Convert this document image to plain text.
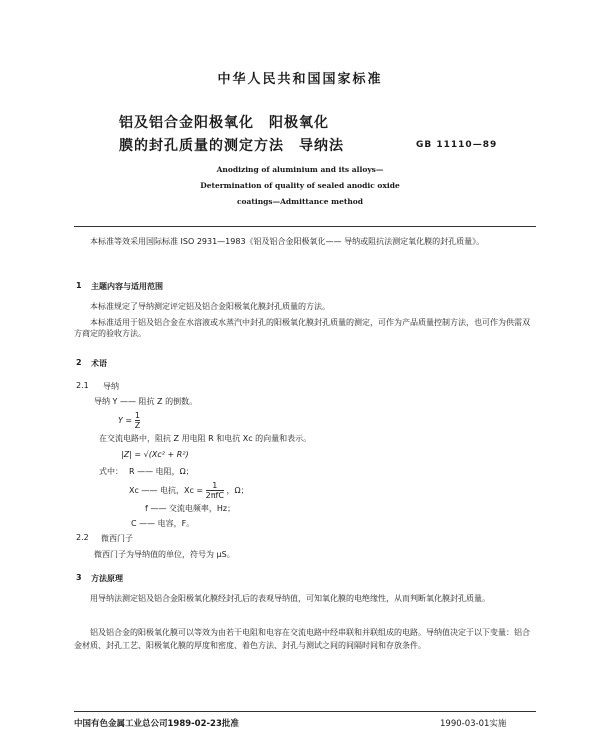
中华人民共和国国家标准
铝及铝合金阳极氧化　阳极氧化
膜的封孔质量的测定方法　导纳法	GB 11110—89
Anodizing of aluminium and its alloys—
Determination of quality of sealed anodic oxide
coatings—Admittance method
本标准等效采用国际标准 ISO 2931—1983《铝及铝合金阳极氧化—— 导纳或阻抗法测定氧化膜的封孔质量》。
1 主题内容与适用范围
本标准规定了导纳测定评定铝及铝合金阳极氧化膜封孔质量的方法。
本标准适用于铝及铝合金在水溶液或水蒸汽中封孔的阳极氧化膜封孔质量的测定，可作为产品质量控制方法，也可作为供需双方商定的验收方法。
2 术语
2.1 导纳
导纳 Y —— 阻抗 Z 的倒数。
$Y = \frac{1}{Z}$
在交流电路中，阻抗 Z 用电阻 R 和电抗 Xc 的向量和表示。
|Z| = √(Xc² + R²)
式中： R —— 电阻，Ω；
Xc —— 电抗，$Xc = \frac{1}{\text{2πfC}}$ ，Ω；
f —— 交流电频率，Hz；
C —— 电容，F。
2.2 微西门子
微西门子为导纳值的单位，符号为 μS。
3 方法原理
用导纳法测定铝及铝合金阳极氧化膜经封孔后的表观导纳值，可知氧化膜的电绝缘性，从而判断氧化膜封孔质量。
铝及铝合金的阳极氧化膜可以等效为由若干电阻和电容在交流电路中经串联和并联组成的电路。导纳值决定于以下变量：铝合金材质、封孔工艺、阳极氧化膜的厚度和密度、着色方法、封孔与测试之间的间隔时间和存放条件。
中国有色金属工业总公司1989-02-23批准	1990-03-01实施
